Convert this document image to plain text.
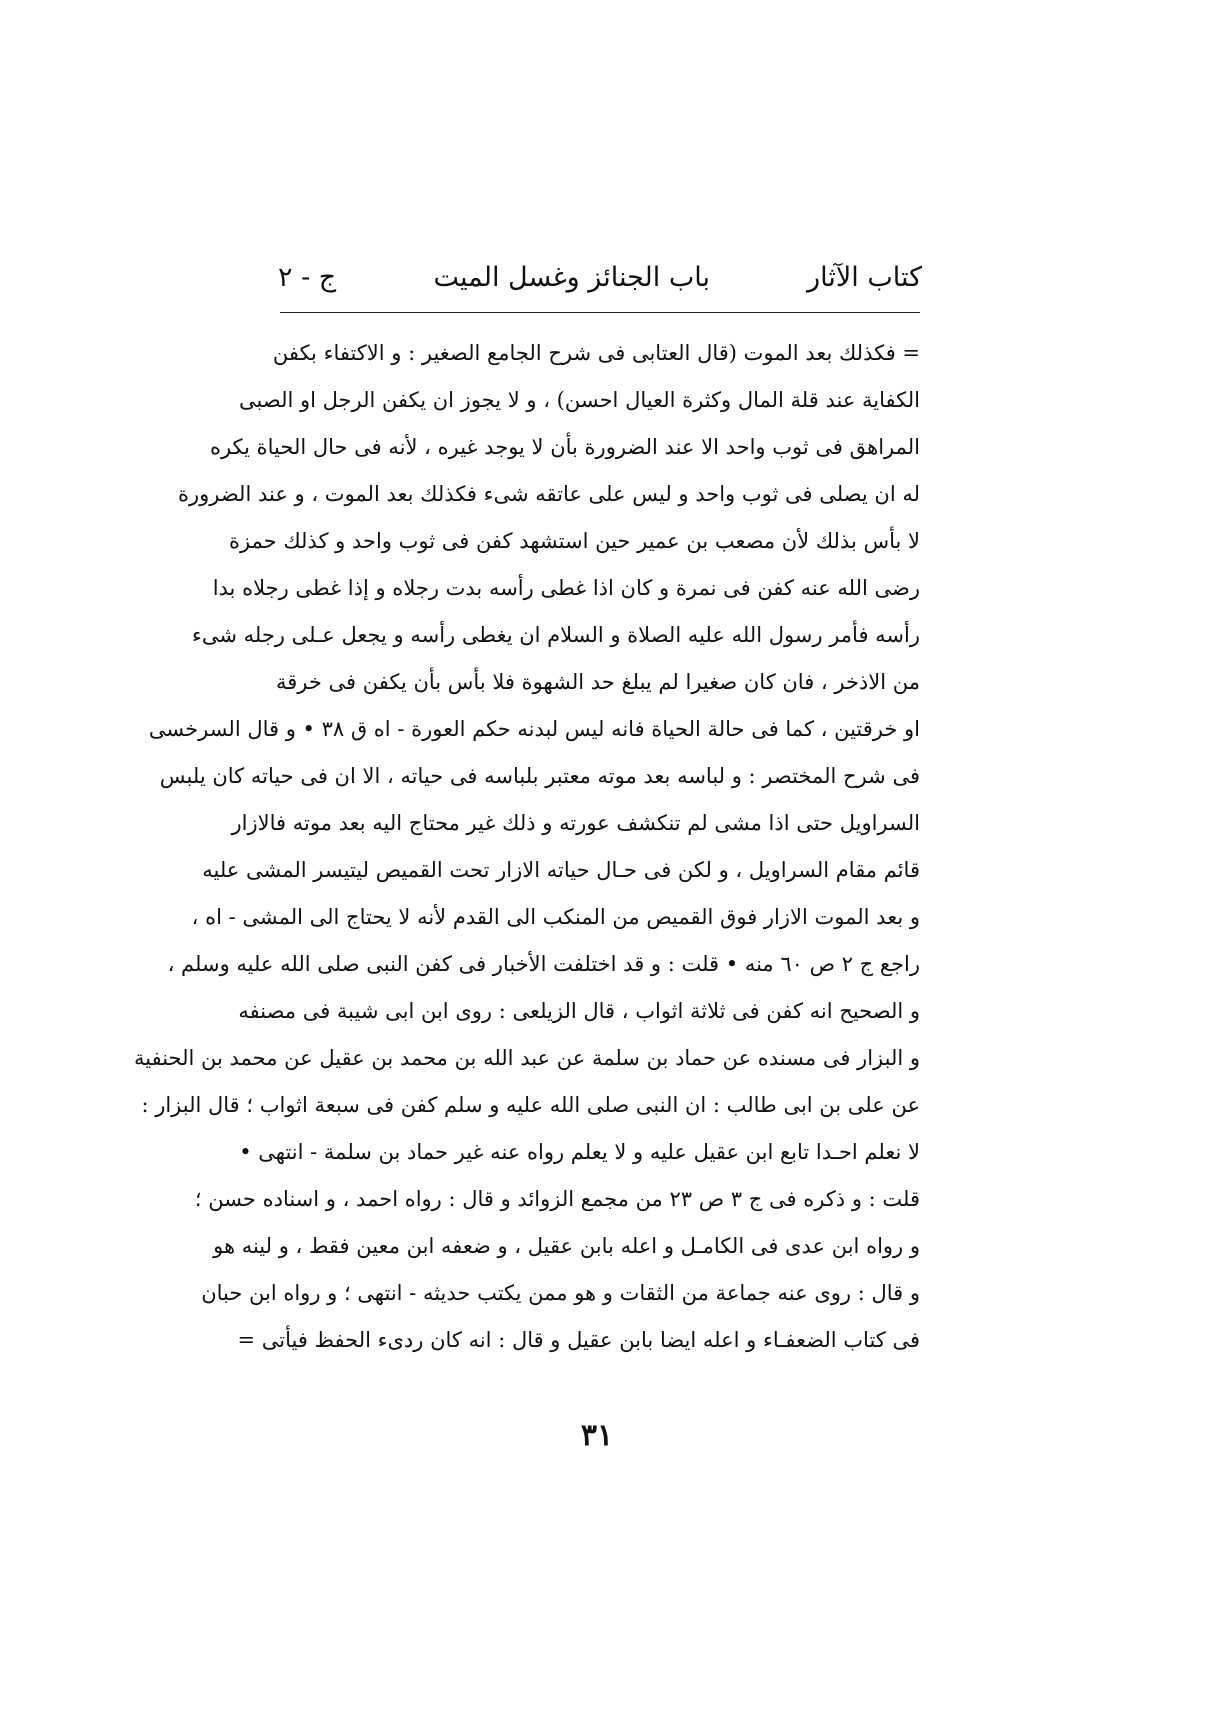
كتاب الآثار
باب الجنائز وغسل الميت
ج - ٢
= فكذلك بعد الموت (قال العتابى فى شرح الجامع الصغير : و الاكتفاء بكفن
الكفاية عند قلة المال وكثرة العيال احسن) ، و لا يجوز ان يكفن الرجل او الصبى
المراهق فى ثوب واحد الا عند الضرورة بأن لا يوجد غيره ، لأنه فى حال الحياة يكره
له ان يصلى فى ثوب واحد و ليس على عاتقه شىء فكذلك بعد الموت ، و عند الضرورة
لا بأس بذلك لأن مصعب بن عمير حين استشهد كفن فى ثوب واحد و كذلك حمزة
رضى الله عنه كفن فى نمرة و كان اذا غطى رأسه بدت رجلاه و إذا غطى رجلاه بدا
رأسه فأمر رسول الله عليه الصلاة و السلام ان يغطى رأسه و يجعل عـلى رجله شىء
من الاذخر ، فان كان صغيرا لم يبلغ حد الشهوة فلا بأس بأن يكفن فى خرقة
او خرقتين ، كما فى حالة الحياة فانه ليس لبدنه حكم العورة - اه ق ٣٨ • و قال السرخسى
فى شرح المختصر : و لباسه بعد موته معتبر بلباسه فى حياته ، الا ان فى حياته كان يلبس
السراويل حتى اذا مشى لم تنكشف عورته و ذلك غير محتاج اليه بعد موته فالازار
قائم مقام السراويل ، و لكن فى حـال حياته الازار تحت القميص ليتيسر المشى عليه
و بعد الموت الازار فوق القميص من المنكب الى القدم لأنه لا يحتاج الى المشى - اه ،
راجع ج ٢ ص ٦٠ منه • قلت : و قد اختلفت الأخبار فى كفن النبى صلى الله عليه وسلم ،
و الصحيح انه كفن فى ثلاثة اثواب ، قال الزيلعى : روى ابن ابى شيبة فى مصنفه
و البزار فى مسنده عن حماد بن سلمة عن عبد الله بن محمد بن عقيل عن محمد بن الحنفية
عن على بن ابى طالب : ان النبى صلى الله عليه و سلم كفن فى سبعة اثواب ؛ قال البزار :
لا نعلم احـدا تابع ابن عقيل عليه و لا يعلم رواه عنه غير حماد بن سلمة - انتهى •
قلت : و ذكره فى ج ٣ ص ٢٣ من مجمع الزوائد و قال : رواه احمد ، و اسناده حسن ؛
و رواه ابن عدى فى الكامـل و اعله بابن عقيل ، و ضعفه ابن معين فقط ، و لينه هو
و قال : روى عنه جماعة من الثقات و هو ممن يكتب حديثه - انتهى ؛ و رواه ابن حبان
فى كتاب الضعفـاء و اعله ايضا بابن عقيل و قال : انه كان ردىء الحفظ فيأتى =
٣١
